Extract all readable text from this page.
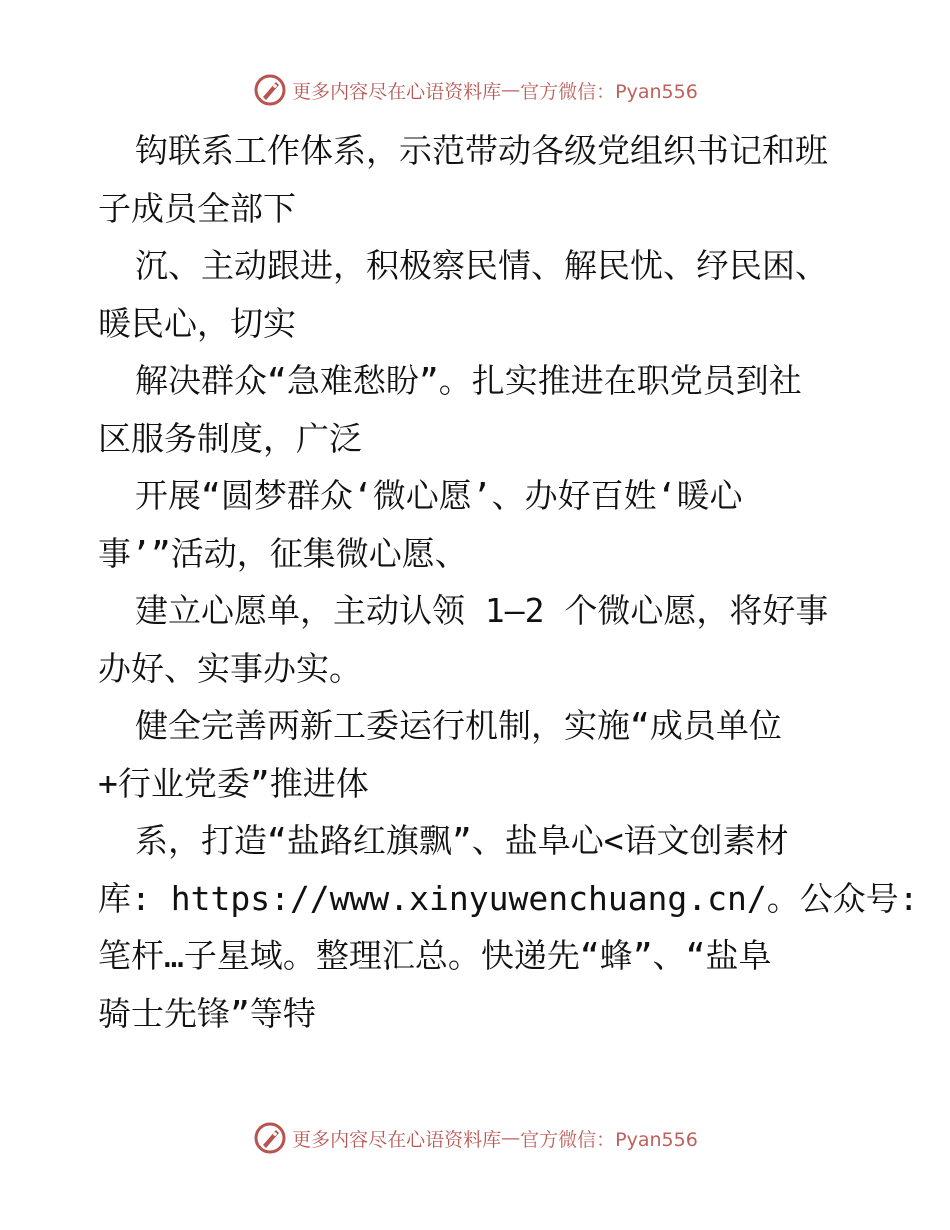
更多内容尽在心语资料库 — 官方微信：Pyan556
钩联系工作体系，示范带动各级党组织书记和班
子成员全部下
沉、主动跟进，积极察民情、解民忧、纾民困、
暖民心，切实
解决群众“急难愁盼”。扎实推进在职党员到社
区服务制度，广泛
开展“圆梦群众‘微心愿’、办好百姓‘暖心
事’”活动，征集微心愿、
建立心愿单，主动认领 1—2 个微心愿，将好事
办好、实事办实。
健全完善两新工委运行机制，实施“成员单位
+行业党委”推进体
系，打造“盐路红旗飘”、盐阜心<语文创素材
库: https://www.xinyuwenchuang.cn/。公众号:
笔杆…子星域。整理汇总。快递先“蜂”、“盐阜
骑士先锋”等特
更多内容尽在心语资料库 — 官方微信：Pyan556
